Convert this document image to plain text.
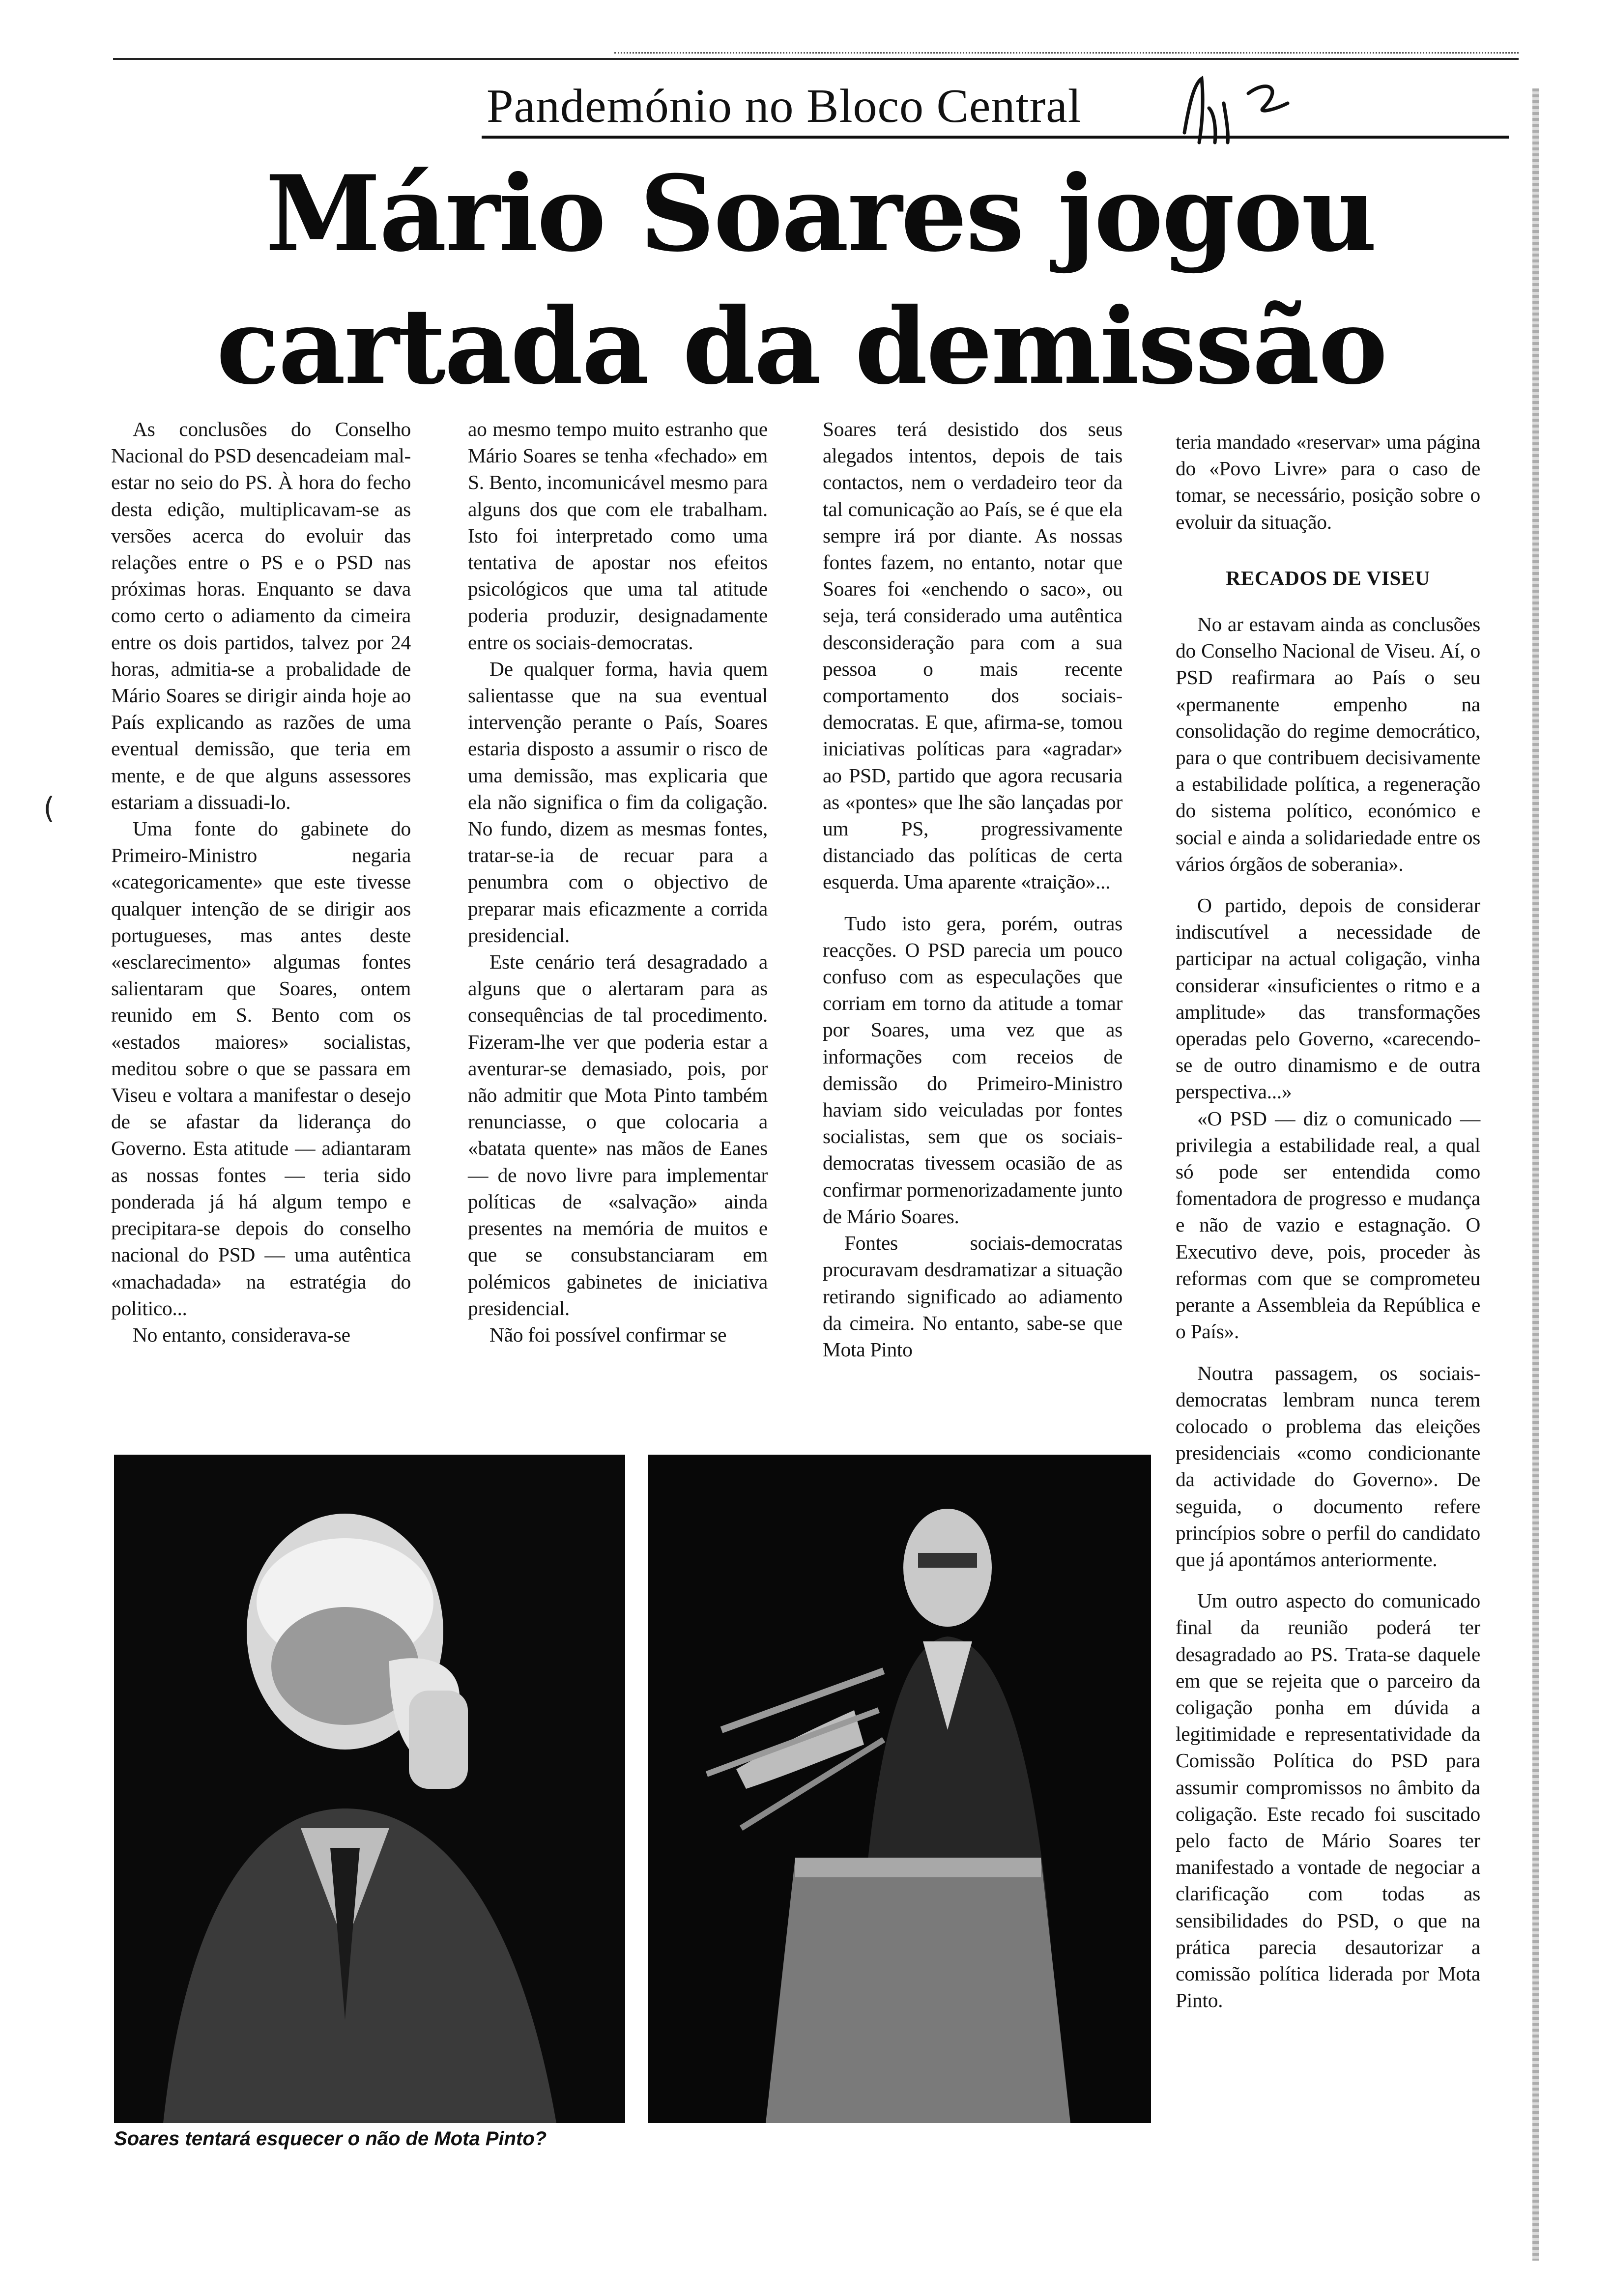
Pandemónio no Bloco Central
Mário Soares jogou
cartada da demissão

As conclusões do Conselho Nacional do PSD desencadeiam mal-estar no seio do PS. À hora do fecho desta edição, multiplicavam-se as versões acerca do evoluir das relações entre o PS e o PSD nas próximas horas. Enquanto se dava como certo o adiamento da cimeira entre os dois partidos, talvez por 24 horas, admitia-se a probalidade de Mário Soares se dirigir ainda hoje ao País explicando as razões de uma eventual demissão, que teria em mente, e de que alguns assessores estariam a dissuadi-lo.

Uma fonte do gabinete do Primeiro-Ministro negaria «categoricamente» que este tivesse qualquer intenção de se dirigir aos portugueses, mas antes deste «esclarecimento» algumas fontes salientaram que Soares, ontem reunido em S. Bento com os «estados maiores» socialistas, meditou sobre o que se passara em Viseu e voltara a manifestar o desejo de se afastar da liderança do Governo. Esta atitude — adiantaram as nossas fontes — teria sido ponderada já há algum tempo e precipitara-se depois do conselho nacional do PSD — uma autêntica «machadada» na estratégia do politico...

No entanto, considerava-se

ao mesmo tempo muito estranho que Mário Soares se tenha «fechado» em S. Bento, incomunicável mesmo para alguns dos que com ele trabalham. Isto foi interpretado como uma tentativa de apostar nos efeitos psicológicos que uma tal atitude poderia produzir, designadamente entre os sociais-democratas.

De qualquer forma, havia quem salientasse que na sua eventual intervenção perante o País, Soares estaria disposto a assumir o risco de uma demissão, mas explicaria que ela não significa o fim da coligação. No fundo, dizem as mesmas fontes, tratar-se-ia de recuar para a penumbra com o objectivo de preparar mais eficazmente a corrida presidencial.

Este cenário terá desagradado a alguns que o alertaram para as consequências de tal procedimento. Fizeram-lhe ver que poderia estar a aventurar-se demasiado, pois, por não admitir que Mota Pinto também renunciasse, o que colocaria a «batata quente» nas mãos de Eanes — de novo livre para implementar políticas de «salvação» ainda presentes na memória de muitos e que se consubstanciaram em polémicos gabinetes de iniciativa presidencial.

Não foi possível confirmar se

Soares terá desistido dos seus alegados intentos, depois de tais contactos, nem o verdadeiro teor da tal comunicação ao País, se é que ela sempre irá por diante. As nossas fontes fazem, no entanto, notar que Soares foi «enchendo o saco», ou seja, terá considerado uma autêntica desconsideração para com a sua pessoa o mais recente comportamento dos sociais-democratas. E que, afirma-se, tomou iniciativas políticas para «agradar» ao PSD, partido que agora recusaria as «pontes» que lhe são lançadas por um PS, progressivamente distanciado das políticas de certa esquerda. Uma aparente «traição»...

Tudo isto gera, porém, outras reacções. O PSD parecia um pouco confuso com as especulações que corriam em torno da atitude a tomar por Soares, uma vez que as informações com receios de demissão do Primeiro-Ministro haviam sido veiculadas por fontes socialistas, sem que os sociais-democratas tivessem ocasião de as confirmar pormenorizadamente junto de Mário Soares.

Fontes sociais-democratas procuravam desdramatizar a situação retirando significado ao adiamento da cimeira. No entanto, sabe-se que Mota Pinto

teria mandado «reservar» uma página do «Povo Livre» para o caso de tomar, se necessário, posição sobre o evoluir da situação.

RECADOS DE VISEU

No ar estavam ainda as conclusões do Conselho Nacional de Viseu. Aí, o PSD reafirmara ao País o seu «permanente empenho na consolidação do regime democrático, para o que contribuem decisivamente a estabilidade política, a regeneração do sistema político, económico e social e ainda a solidariedade entre os vários órgãos de soberania».

O partido, depois de considerar indiscutível a necessidade de participar na actual coligação, vinha considerar «insuficientes o ritmo e a amplitude» das transformações operadas pelo Governo, «carecendo-se de outro dinamismo e de outra perspectiva...»

«O PSD — diz o comunicado — privilegia a estabilidade real, a qual só pode ser entendida como fomentadora de progresso e mudança e não de vazio e estagnação. O Executivo deve, pois, proceder às reformas com que se comprometeu perante a Assembleia da República e o País».

Noutra passagem, os sociais-democratas lembram nunca terem colocado o problema das eleições presidenciais «como condicionante da actividade do Governo». De seguida, o documento refere princípios sobre o perfil do candidato que já apontámos anteriormente.

Um outro aspecto do comunicado final da reunião poderá ter desagradado ao PS. Trata-se daquele em que se rejeita que o parceiro da coligação ponha em dúvida a legitimidade e representatividade da Comissão Política do PSD para assumir compromissos no âmbito da coligação. Este recado foi suscitado pelo facto de Mário Soares ter manifestado a vontade de negociar a clarificação com todas as sensibilidades do PSD, o que na prática parecia desautorizar a comissão política liderada por Mota Pinto.

Soares tentará esquecer o não de Mota Pinto?
(
